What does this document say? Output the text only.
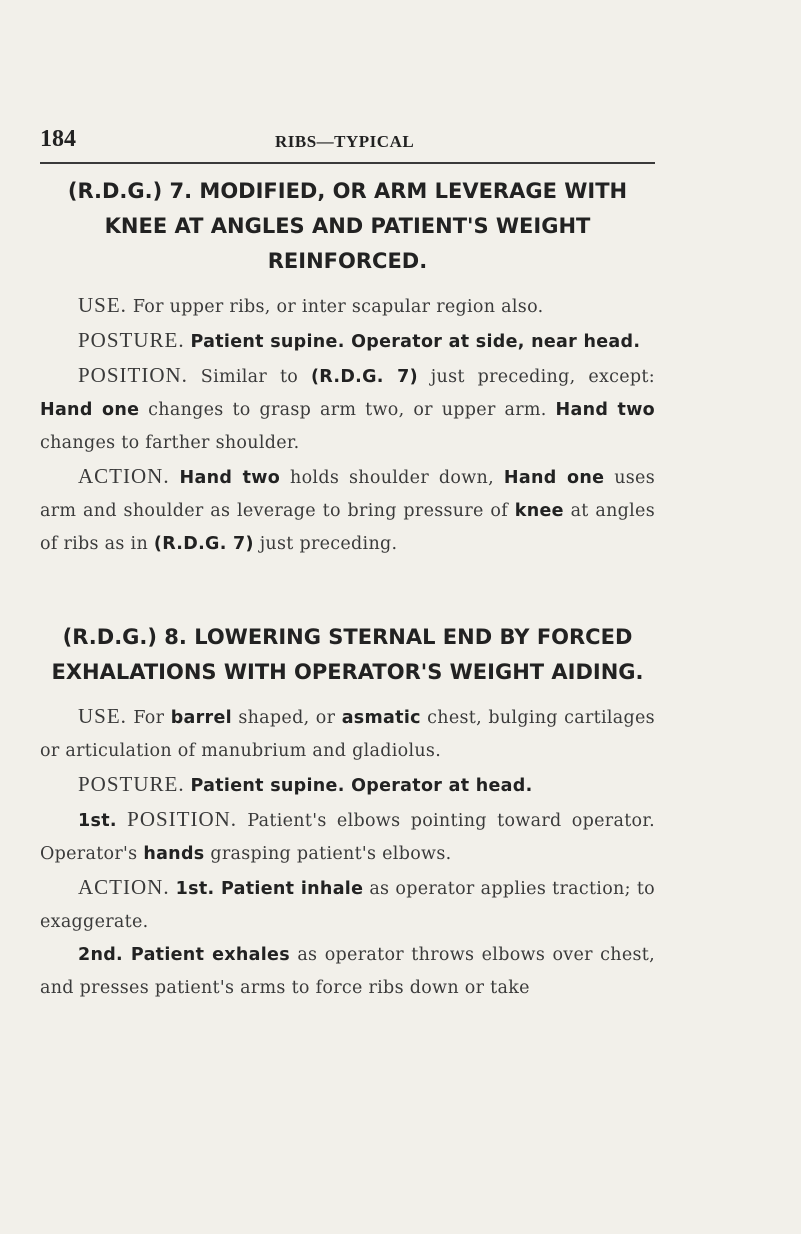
184	RIBS—TYPICAL
(R.D.G.) 7. MODIFIED, OR ARM LEVERAGE WITH KNEE AT ANGLES AND PATIENT'S WEIGHT REINFORCED.

USE. For upper ribs, or inter scapular region also.

POSTURE. Patient supine. Operator at side, near head.

POSITION. Similar to (R.D.G. 7) just preceding, except: Hand one changes to grasp arm two, or upper arm. Hand two changes to farther shoulder.

ACTION. Hand two holds shoulder down, Hand one uses arm and shoulder as leverage to bring pressure of knee at angles of ribs as in (R.D.G. 7) just preceding.

(R.D.G.) 8. LOWERING STERNAL END BY FORCED EXHALATIONS WITH OPERATOR'S WEIGHT AIDING.

USE. For barrel shaped, or asmatic chest, bulging cartilages or articulation of manubrium and gladiolus.

POSTURE. Patient supine. Operator at head.

1st. POSITION. Patient's elbows pointing toward operator. Operator's hands grasping patient's elbows.

ACTION. 1st. Patient inhale as operator applies traction; to exaggerate.

2nd. Patient exhales as operator throws elbows over chest, and presses patient's arms to force ribs down or take
